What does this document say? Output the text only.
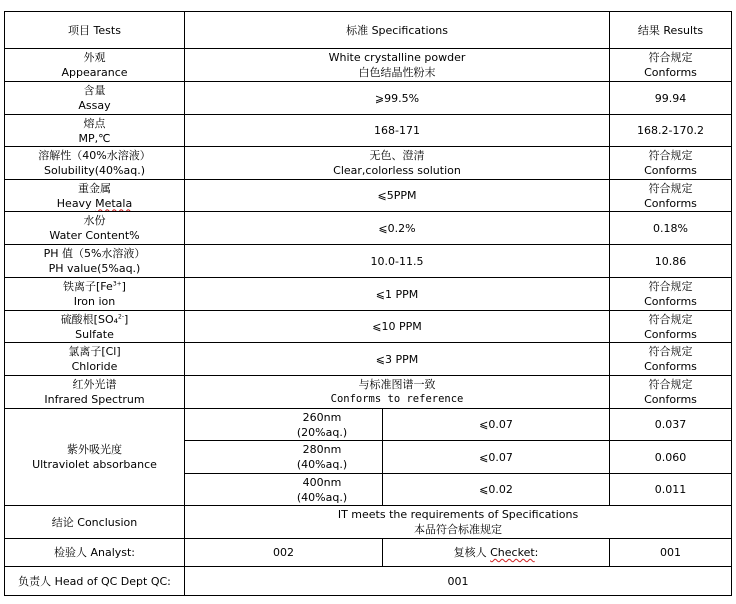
项目 Tests	标准 Specifications		结果 Results

外观
Appearance	White crystalline powder
白色结晶性粉末		符合规定
Conforms

含量
Assay	⩾99.5%		99.94

熔点
MP,℃	168-171		168.2-170.2

溶解性（40%水溶液）
Solubility(40%aq.)	无色、澄清
Clear,colorless solution		符合规定
Conforms

重金属
Heavy Metala	⩽5PPM		符合规定
Conforms

水份
Water Content%	⩽0.2%		0.18%

PH 值（5%水溶液）
PH value(5%aq.)	10.0-11.5		10.86

铁离子$[Fe^{3+}]$
Iron ion	⩽1 PPM		符合规定
Conforms

硫酸根[SO₄$^{2-}$]
Sulfate	⩽10 PPM		符合规定
Conforms

氯离子[Cl]
Chloride	⩽3 PPM		符合规定
Conforms

红外光谱
Infrared Spectrum	与标准图谱一致
Conforms to reference		符合规定
Conforms

紫外吸光度
Ultraviolet absorbance	260nm
(20%aq.)	⩽0.07	0.037

	280nm
(40%aq.)	⩽0.07	0.060

	400nm
(40%aq.)	⩽0.02	0.011

结论 Conclusion	IT meets the requirements of Specifications
本品符合标准规定		

检验人 Analyst:	002	复核人 Checket:	001

负责人 Head of QC Dept QC:	001		
